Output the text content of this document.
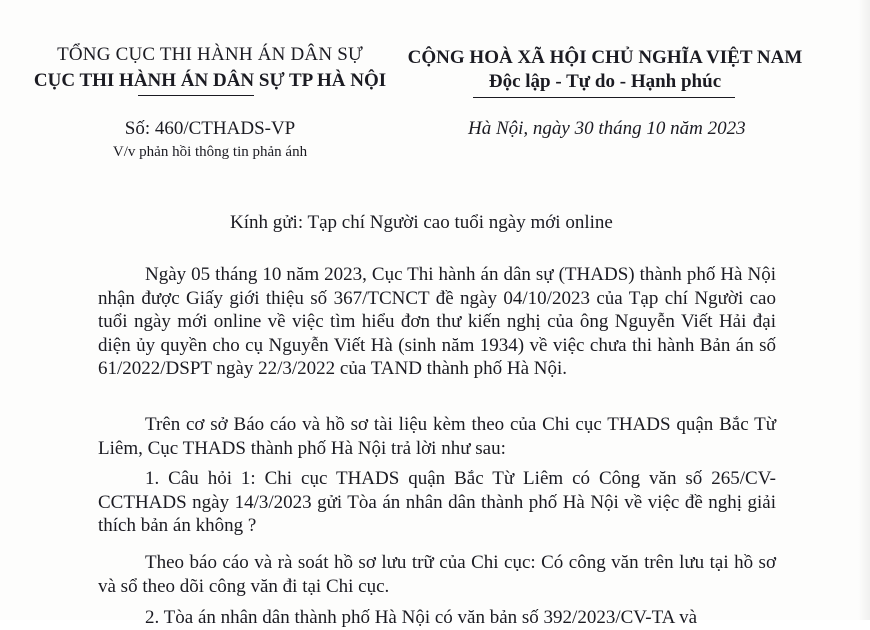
TỔNG CỤC THI HÀNH ÁN DÂN SỰ
CỤC THI HÀNH ÁN DÂN SỰ TP HÀ NỘI
CỘNG HOÀ XÃ HỘI CHỦ NGHĨA VIỆT NAM
Độc lập - Tự do - Hạnh phúc
Số: 460/CTHADS-VP
V/v phản hồi thông tin phản ánh
Hà Nội, ngày 30 tháng 10 năm 2023
Kính gửi: Tạp chí Người cao tuổi ngày mới online

Ngày 05 tháng 10 năm 2023, Cục Thi hành án dân sự (THADS) thành phố Hà Nội nhận được Giấy giới thiệu số 367/TCNCT đề ngày 04/10/2023 của Tạp chí Người cao tuổi ngày mới online về việc tìm hiểu đơn thư kiến nghị của ông Nguyễn Viết Hải đại diện ủy quyền cho cụ Nguyễn Viết Hà (sinh năm 1934) về việc chưa thi hành Bản án số 61/2022/DSPT ngày 22/3/2022 của TAND thành phố Hà Nội.

Trên cơ sở Báo cáo và hồ sơ tài liệu kèm theo của Chi cục THADS quận Bắc Từ Liêm, Cục THADS thành phố Hà Nội trả lời như sau:

1. Câu hỏi 1: Chi cục THADS quận Bắc Từ Liêm có Công văn số 265/CV-CCTHADS ngày 14/3/2023 gửi Tòa án nhân dân thành phố Hà Nội về việc đề nghị giải thích bản án không ?

Theo báo cáo và rà soát hồ sơ lưu trữ của Chi cục: Có công văn trên lưu tại hồ sơ và sổ theo dõi công văn đi tại Chi cục.

2. Tòa án nhân dân thành phố Hà Nội có văn bản số 392/2023/CV-TA và
